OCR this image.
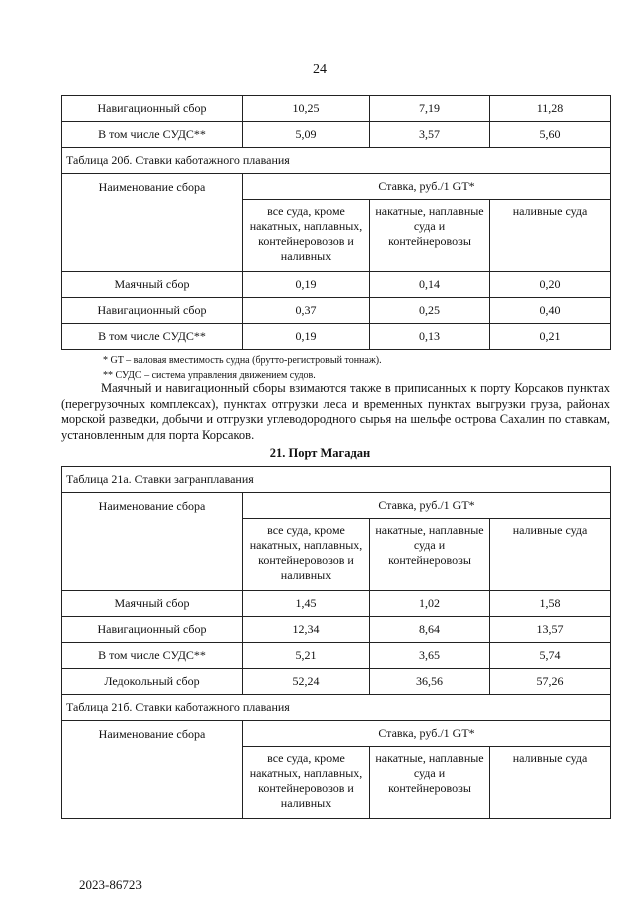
24
Навигационный сбор	10,25	7,19	11,28
В том числе СУДС**	5,09	3,57	5,60
Таблица 20б. Ставки каботажного плавания			
Наименование сбора	Ставка, руб./1 GT*		
	все суда, кроме накатных, наплавных, контейнеровозов и наливных	накатные, наплавные суда и контейнеровозы	наливные суда
Маячный сбор	0,19	0,14	0,20
Навигационный сбор	0,37	0,25	0,40
В том числе СУДС**	0,19	0,13	0,21
* GT – валовая вместимость судна (брутто-регистровый тоннаж).
** СУДС – система управления движением судов.
Маячный и навигационный сборы взимаются также в приписанных к порту Корсаков пунктах (перегрузочных комплексах), пунктах отгрузки леса и временных пунктах выгрузки груза, районах морской разведки, добычи и отгрузки углеводородного сырья на шельфе острова Сахалин по ставкам, установленным для порта Корсаков.
21. Порт Магадан
Таблица 21а. Ставки загранплавания			
Наименование сбора	Ставка, руб./1 GT*		
	все суда, кроме накатных, наплавных, контейнеровозов и наливных	накатные, наплавные суда и контейнеровозы	наливные суда
Маячный сбор	1,45	1,02	1,58
Навигационный сбор	12,34	8,64	13,57
В том числе СУДС**	5,21	3,65	5,74
Ледокольный сбор	52,24	36,56	57,26
Таблица 21б. Ставки каботажного плавания			
Наименование сбора	Ставка, руб./1 GT*		
	все суда, кроме накатных, наплавных, контейнеровозов и наливных	накатные, наплавные суда и контейнеровозы	наливные суда
2023-86723
